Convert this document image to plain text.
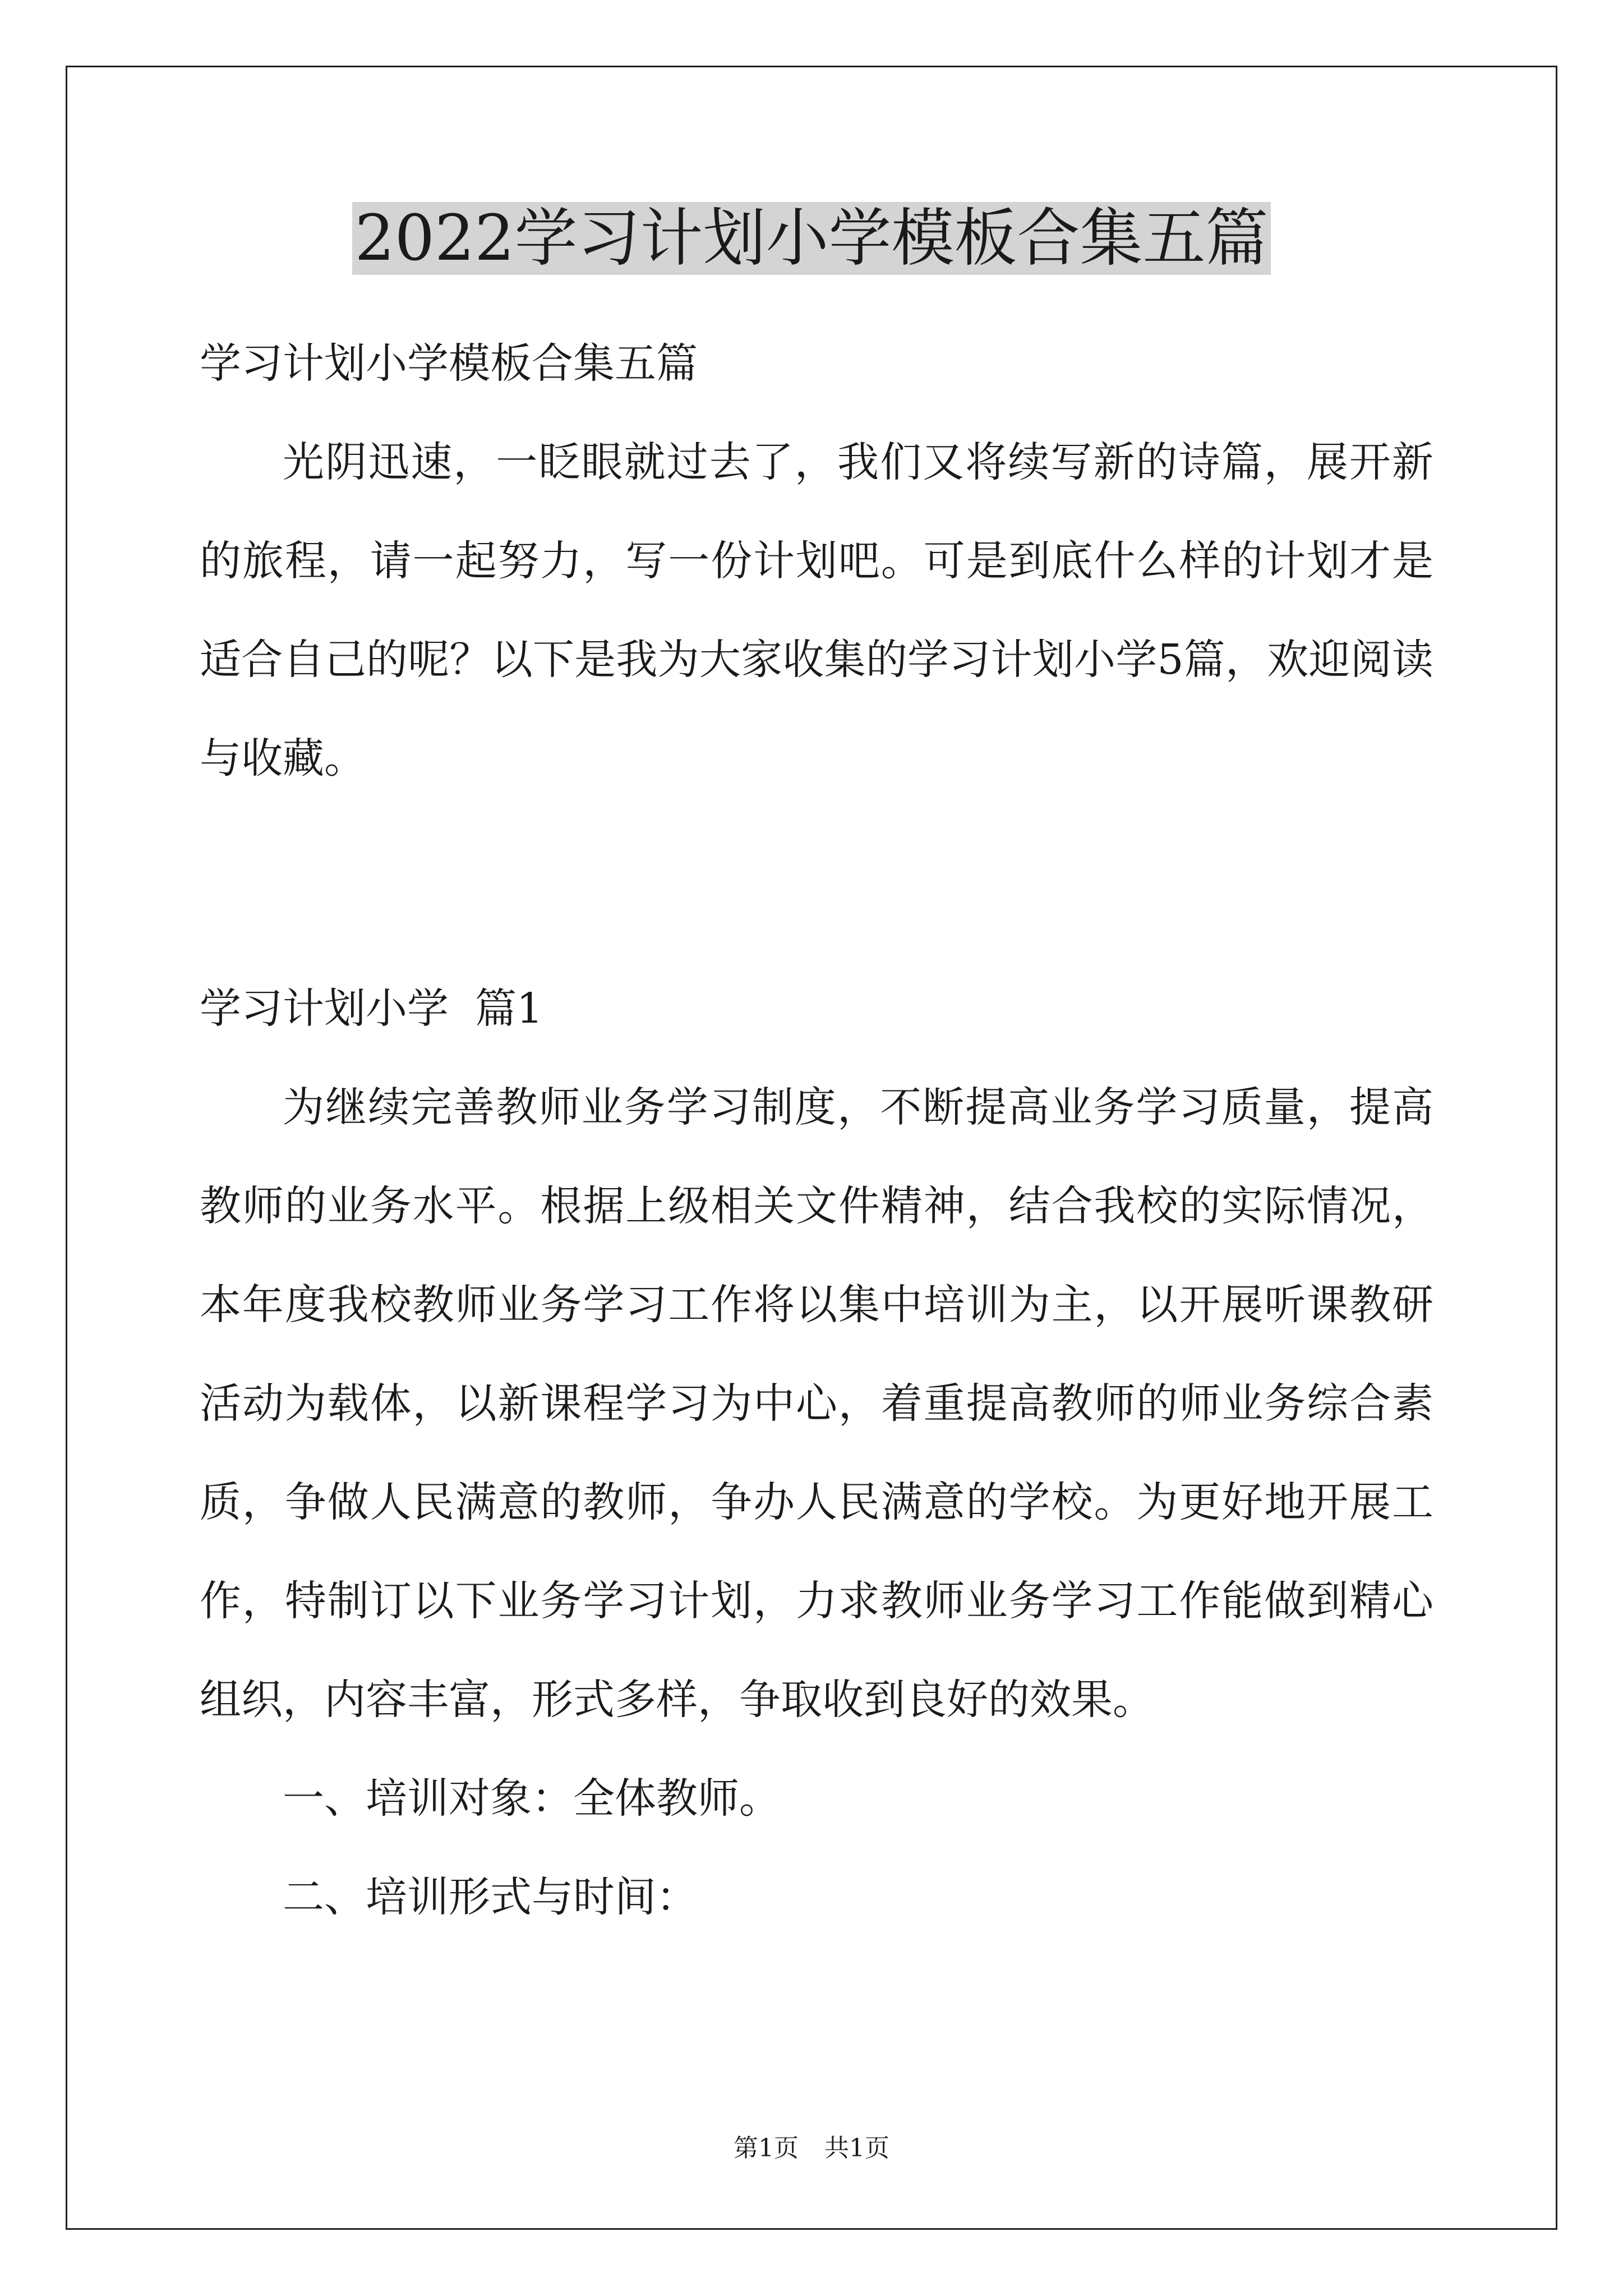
2022学习计划小学模板合集五篇

学习计划小学模板合集五篇

光阴迅速，一眨眼就过去了，我们又将续写新的诗篇，展开新的旅程，请一起努力，写一份计划吧。可是到底什么样的计划才是适合自己的呢？以下是我为大家收集的学习计划小学5篇，欢迎阅读与收藏。

学习计划小学  篇1

为继续完善教师业务学习制度，不断提高业务学习质量，提高教师的业务水平。根据上级相关文件精神，结合我校的实际情况，本年度我校教师业务学习工作将以集中培训为主，以开展听课教研活动为载体，以新课程学习为中心，着重提高教师的师业务综合素质，争做人民满意的教师，争办人民满意的学校。为更好地开展工作，特制订以下业务学习计划，力求教师业务学习工作能做到精心组织，内容丰富，形式多样，争取收到良好的效果。

一、培训对象：全体教师。

二、培训形式与时间：

第1页 共1页
